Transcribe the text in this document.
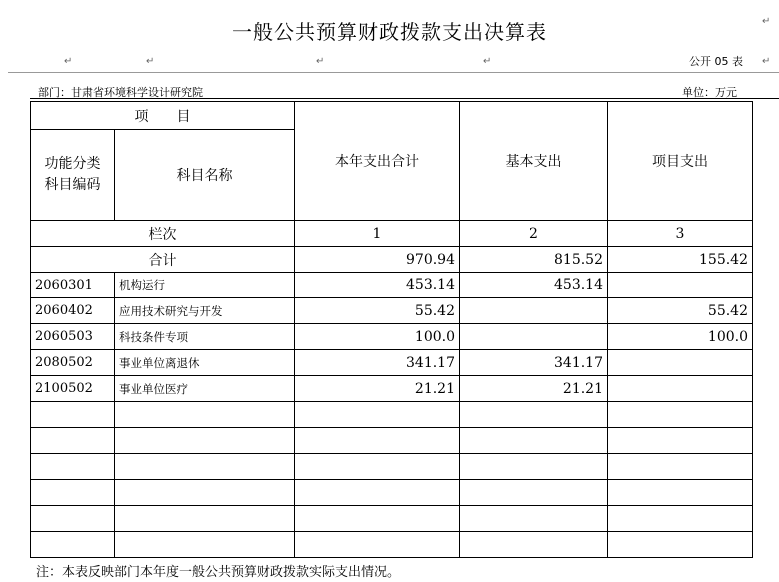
一般公共预算财政拨款支出决算表
公开 05 表
部门：甘肃省环境科学设计研究院	单位：万元
↵	↵	↵	↵
↵
↵
项　　目		本年支出合计	基本支出	项目支出

功能分类
科目编码	科目名称			
栏次		1	2	3
合计		970.94	815.52	155.42
2060301	机构运行	453.14	453.14	
2060402	应用技术研究与开发	55.42		55.42
2060503	科技条件专项	100.0		100.0
2080502	事业单位离退休	341.17	341.17	
2100502	事业单位医疗	21.21	21.21	

注：本表反映部门本年度一般公共预算财政拨款实际支出情况。
